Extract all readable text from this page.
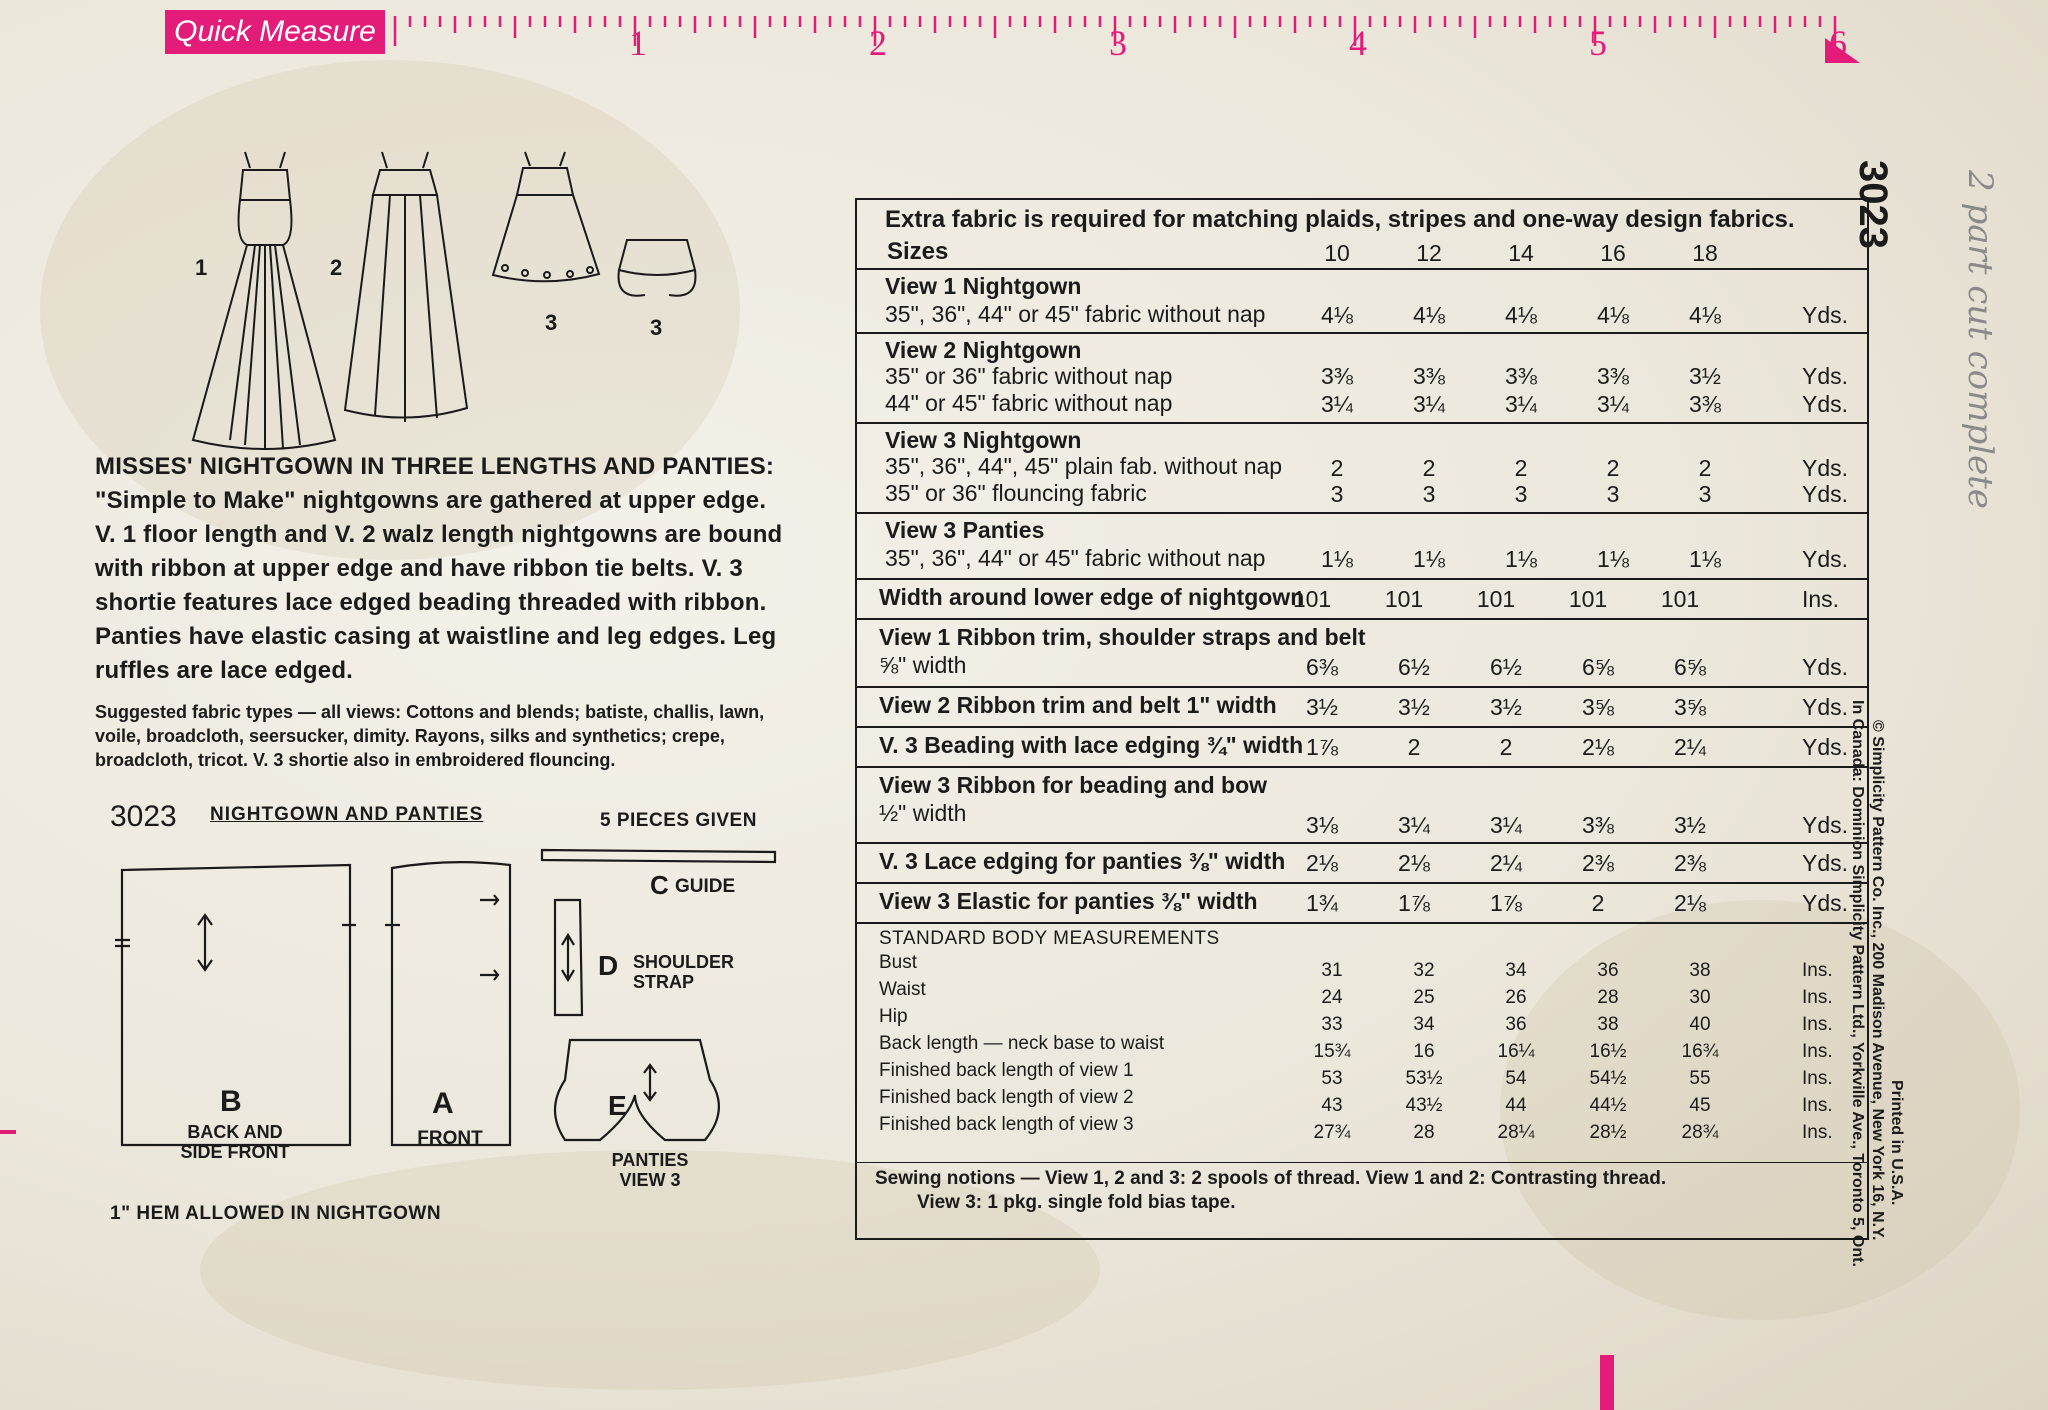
Quick Measure	1	2	3	4	5	6
1	2
3	3
MISSES' NIGHTGOWN IN THREE LENGTHS AND PANTIES: "Simple to Make" nightgowns are gathered at upper edge. V. 1 floor length and V. 2 walz length nightgowns are bound with ribbon at upper edge and have ribbon tie belts. V. 3 shortie features lace edged beading threaded with ribbon. Panties have elastic casing at waistline and leg edges. Leg ruffles are lace edged.
Suggested fabric types — all views: Cottons and blends; batiste, challis, lawn, voile, broadcloth, seersucker, dimity. Rayons, silks and synthetics; crepe, broadcloth, tricot. V. 3 shortie also in embroidered flouncing.
3023 NIGHTGOWN AND PANTIES	5 PIECES GIVEN
C GUIDE
D SHOULDER
STRAP
B
BACK AND
SIDE FRONT
A
FRONT
E
PANTIES
VIEW 3
1" HEM ALLOWED IN NIGHTGOWN
Extra fabric is required for matching plaids, stripes and one-way design fabrics.
Sizes	10	12	14	16	18
View 1 Nightgown
35", 36", 44" or 45" fabric without nap	4⅛	4⅛	4⅛	4⅛	4⅛	Yds.
View 2 Nightgown
35" or 36" fabric without nap	3⅜	3⅜	3⅜	3⅜	3½	Yds.
44" or 45" fabric without nap	3¼	3¼	3¼	3¼	3⅜	Yds.
View 3 Nightgown
35", 36", 44", 45" plain fab. without nap	2	2	2	2	2	Yds.
35" or 36" flouncing fabric	3	3	3	3	3	Yds.
View 3 Panties
35", 36", 44" or 45" fabric without nap	1⅛	1⅛	1⅛	1⅛	1⅛	Yds.
Width around lower edge of nightgown
101	101	101	101	101	Ins.
View 1 Ribbon trim, shoulder straps and belt
⅝" width	6⅜	6½	6½	6⅝	6⅝	Yds.
View 2 Ribbon trim and belt 1" width	3½	3½	3½	3⅝	3⅝	Yds.
V. 3 Beading with lace edging ¾" width 1⅞	2	2	2⅛	2¼	Yds.
View 3 Ribbon for beading and bow
½" width	3⅛	3¼	3¼	3⅜	3½	Yds.
V. 3 Lace edging for panties ⅜" width 2⅛	2⅛	2¼	2⅜	2⅜	Yds.
View 3 Elastic for panties ⅜" width	1¾	1⅞	1⅞	2	2⅛	Yds.
STANDARD BODY MEASUREMENTS
Bust	31	32	34	36	38	Ins.
Waist	24	25	26	28	30	Ins.
Hip	33	34	36	38	40	Ins.
Back length — neck base to waist	15¾	16	16¼	16½	16¾	Ins.
Finished back length of view 1	53	53½	54	54½	55	Ins.
Finished back length of view 2	43	43½	44	44½	45	Ins.
Finished back length of view 3	27¾	28	28¼	28½	28¾	Ins.
Sewing notions — View 1, 2 and 3: 2 spools of thread. View 1 and 2: Contrasting thread.
View 3: 1 pkg. single fold bias tape.
3023
© Simplicity Pattern Co. Inc., 200 Madison Avenue, New York 16, N.Y.
In Canada: Dominion Simplicity Pattern Ltd., Yorkville Ave., Toronto 5, Ont. Printed in U.S.A.
2 part cut complete
